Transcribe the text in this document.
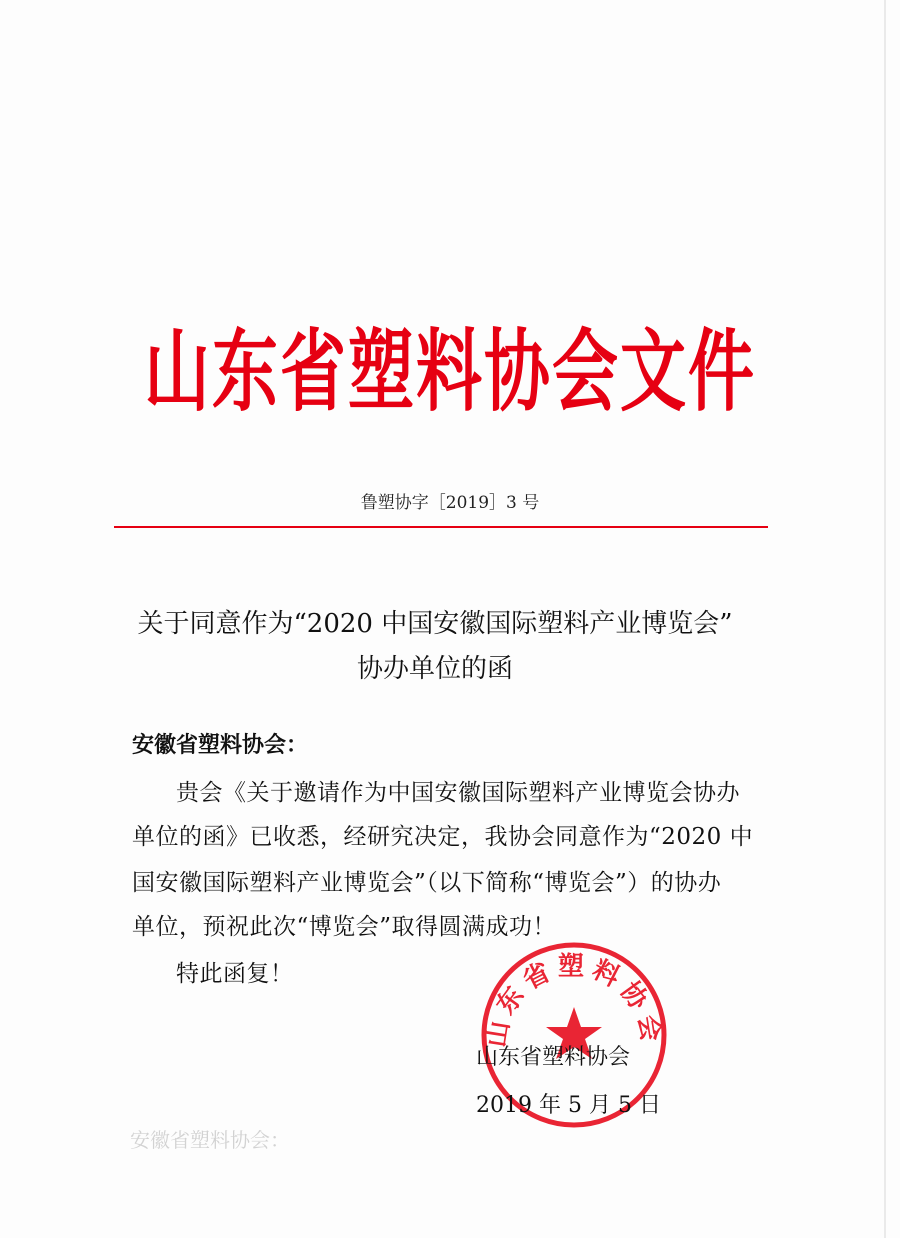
山东省塑料协会文件
鲁塑协字［2019］3 号
关于同意作为“2020 中国安徽国际塑料产业博览会”
协办单位的函
安徽省塑料协会：
贵会《关于邀请作为中国安徽国际塑料产业博览会协办
单位的函》已收悉，经研究决定，我协会同意作为“2020 中
国安徽国际塑料产业博览会”（以下简称“博览会”）的协办
单位，预祝此次“博览会”取得圆满成功！
特此函复！
山东省塑料协会
山东省塑料协会
2019 年 5 月 5 日
安徽省塑料协会：
